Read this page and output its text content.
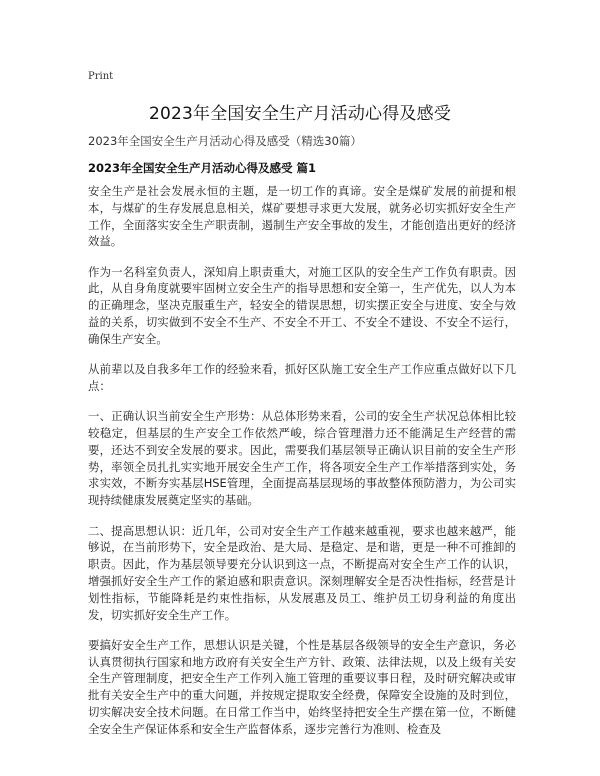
Print
2023年全国安全生产月活动心得及感受

2023年全国安全生产月活动心得及感受（精选30篇）

2023年全国安全生产月活动心得及感受 篇1

安全生产是社会发展永恒的主题，是一切工作的真谛。安全是煤矿发展的前提和根本，与煤矿的生存发展息息相关，煤矿要想寻求更大发展，就务必切实抓好安全生产工作，全面落实安全生产职责制，遏制生产安全事故的发生，才能创造出更好的经济效益。

作为一名科室负责人，深知肩上职责重大，对施工区队的安全生产工作负有职责。因此，从自身角度就要牢固树立安全生产的指导思想和安全第一，生产优先，以人为本的正确理念，坚决克服重生产，轻安全的错误思想，切实摆正安全与进度、安全与效益的关系，切实做到不安全不生产、不安全不开工、不安全不建设、不安全不运行，确保生产安全。

从前辈以及自我多年工作的经验来看，抓好区队施工安全生产工作应重点做好以下几点：

一、正确认识当前安全生产形势：从总体形势来看，公司的安全生产状况总体相比较较稳定，但基层的生产安全工作依然严峻，综合管理潜力还不能满足生产经营的需要，还达不到安全发展的要求。因此，需要我们基层领导正确认识目前的安全生产形势，率领全员扎扎实实地开展安全生产工作，将各项安全生产工作举措落到实处，务求实效，不断夯实基层HSE管理，全面提高基层现场的事故整体预防潜力，为公司实现持续健康发展奠定坚实的基础。

二、提高思想认识：近几年，公司对安全生产工作越来越重视，要求也越来越严，能够说，在当前形势下，安全是政治、是大局、是稳定、是和谐，更是一种不可推卸的职责。因此，作为基层领导要充分认识到这一点，不断提高对安全生产工作的认识，增强抓好安全生产工作的紧迫感和职责意识。深刻理解安全是否决性指标，经营是计划性指标，节能降耗是约束性指标，从发展惠及员工、维护员工切身利益的角度出发，切实抓好安全生产工作。

要搞好安全生产工作，思想认识是关键，个性是基层各级领导的安全生产意识，务必认真贯彻执行国家和地方政府有关安全生产方针、政策、法律法规，以及上级有关安全生产管理制度，把安全生产工作列入施工管理的重要议事日程，及时研究解决或审批有关安全生产中的重大问题，并按规定提取安全经费，保障安全设施的及时到位，切实解决安全技术问题。在日常工作当中，始终坚持把安全生产摆在第一位，不断健全安全生产保证体系和安全生产监督体系，逐步完善行为准则、检查及
